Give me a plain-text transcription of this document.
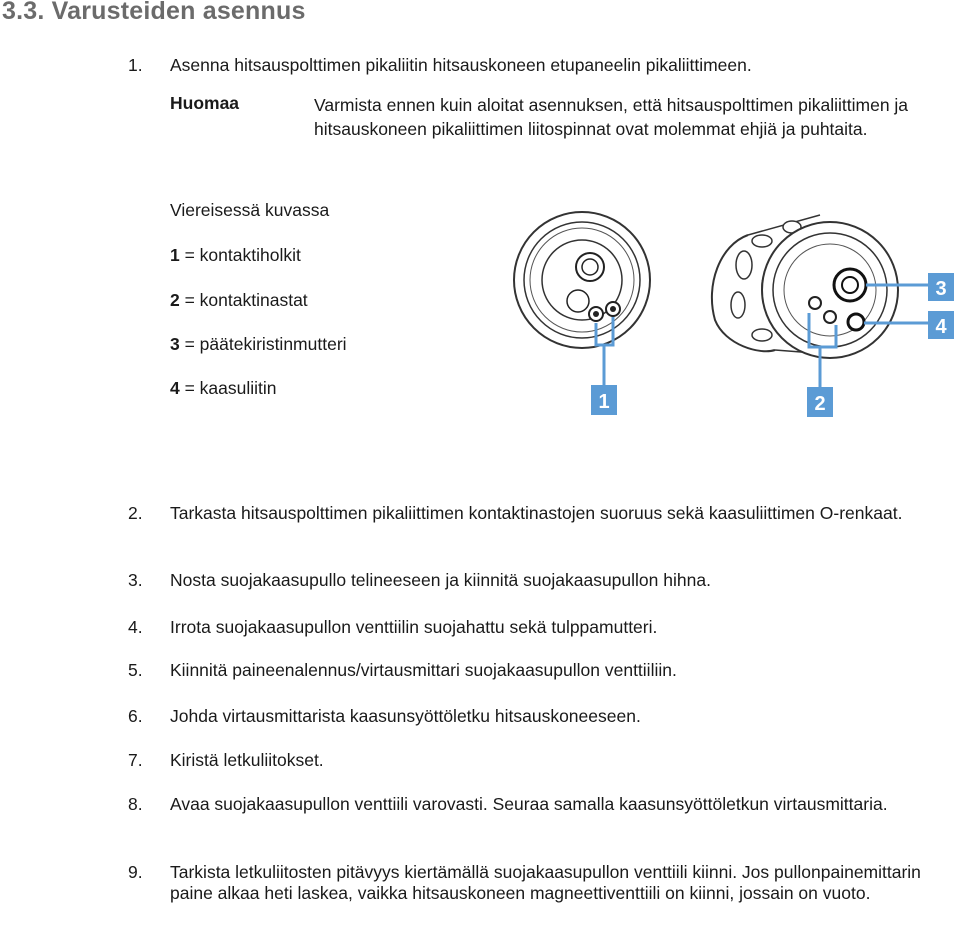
3.3. Varusteiden asennus
1.	Asenna hitsauspolttimen pikaliitin hitsauskoneen etupaneelin pikaliittimeen.
Huomaa	Varmista ennen kuin aloitat asennuksen, että hitsauspolttimen pikaliittimen ja hitsauskoneen pikaliittimen liitospinnat ovat molemmat ehjiä ja puhtaita.
Viereisessä kuvassa
1 = kontaktiholkit
2 = kontaktinastat
3 = päätekiristinmutteri
4 = kaasuliitin
1	2
3
4
2.	Tarkasta hitsauspolttimen pikaliittimen kontaktinastojen suoruus sekä kaasuliittimen O-renkaat.
3.	Nosta suojakaasupullo telineeseen ja kiinnitä suojakaasupullon hihna.
4.	Irrota suojakaasupullon venttiilin suojahattu sekä tulppamutteri.
5.	Kiinnitä paineenalennus/virtausmittari suojakaasupullon venttiiliin.
6.	Johda virtausmittarista kaasunsyöttöletku hitsauskoneeseen.
7.	Kiristä letkuliitokset.
8.	Avaa suojakaasupullon venttiili varovasti. Seuraa samalla kaasunsyöttöletkun virtausmittaria.
9.	Tarkista letkuliitosten pitävyys kiertämällä suojakaasupullon venttiili kiinni. Jos pullonpainemittarin paine alkaa heti laskea, vaikka hitsauskoneen magneettiventtiili on kiinni, jossain on vuoto.
